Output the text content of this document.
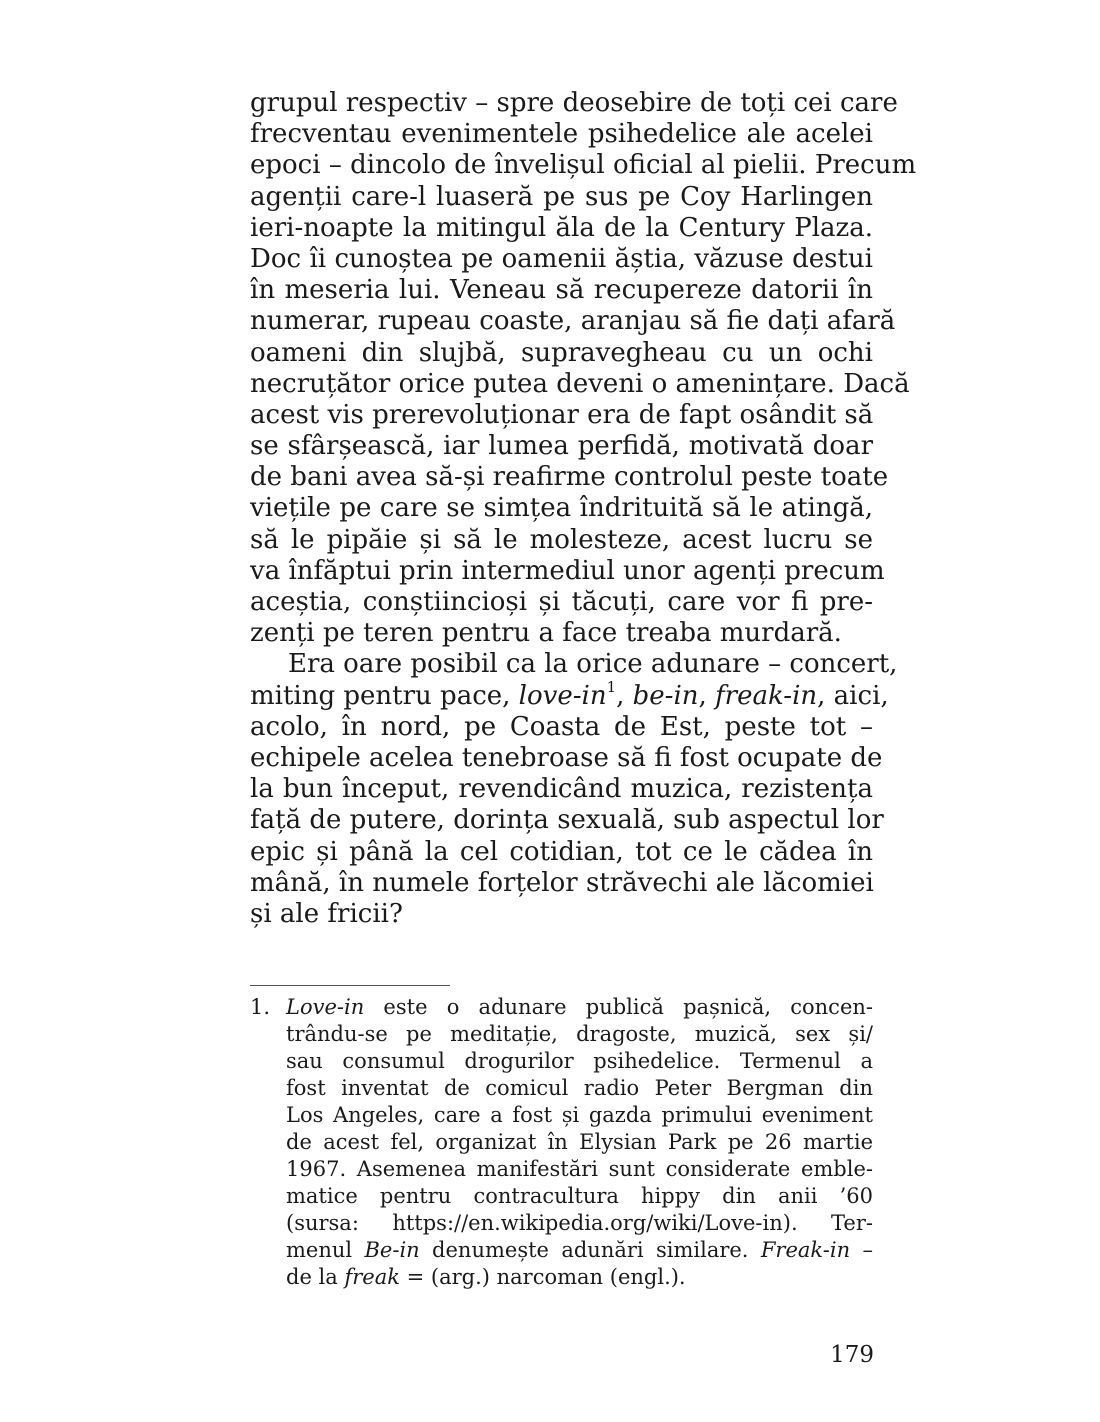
grupul respectiv – spre deosebire de toți cei care
frecventau evenimentele psihedelice ale acelei
epoci – dincolo de învelișul oficial al pielii. Precum
agenții care-l luaseră pe sus pe Coy Harlingen
ieri-noapte la mitingul ăla de la Century Plaza.
Doc îi cunoștea pe oamenii ăștia, văzuse destui
în meseria lui. Veneau să recupereze datorii în
numerar, rupeau coaste, aranjau să fie dați afară
oameni din slujbă, supravegheau cu un ochi
necruțător orice putea deveni o amenințare. Dacă
acest vis prerevoluționar era de fapt osândit să
se sfârșească, iar lumea perfidă, motivată doar
de bani avea să-și reafirme controlul peste toate
viețile pe care se simțea îndrituită să le atingă,
să le pipăie și să le molesteze, acest lucru se
va înfăptui prin intermediul unor agenți precum
aceștia, conștiincioși și tăcuți, care vor fi pre-
zenți pe teren pentru a face treaba murdară.
Era oare posibil ca la orice adunare – concert,
miting pentru pace, love-$in^1$, be-in, freak-in, aici,
acolo, în nord, pe Coasta de Est, peste tot –
echipele acelea tenebroase să fi fost ocupate de
la bun început, revendicând muzica, rezistența
față de putere, dorința sexuală, sub aspectul lor
epic și până la cel cotidian, tot ce le cădea în
mână, în numele forțelor străvechi ale lăcomiei
și ale fricii?
1. Love-in este o adunare publică pașnică, concen-
trându-se pe meditație, dragoste, muzică, sex și/
sau consumul drogurilor psihedelice. Termenul a
fost inventat de comicul radio Peter Bergman din
Los Angeles, care a fost și gazda primului eveniment
de acest fel, organizat în Elysian Park pe 26 martie
1967. Asemenea manifestări sunt considerate emble-
matice pentru contracultura hippy din anii ’60
(sursa: https://en.wikipedia.org/wiki/Love-in). Ter-
menul Be-in denumește adunări similare. Freak-in –
de la freak = (arg.) narcoman (engl.).
179
